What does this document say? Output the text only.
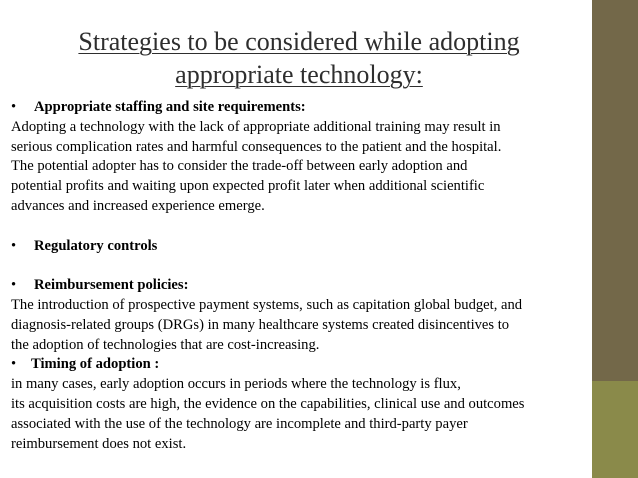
Strategies to be considered while adopting
appropriate technology:

•	Appropriate staffing and site requirements:

Adopting a technology with the lack of appropriate additional training may result in

serious complication rates and harmful consequences to the patient and the hospital.

The potential adopter has to consider the trade-off between early adoption and

potential profits and waiting upon expected profit later when additional scientific

advances and increased experience emerge.

•	Regulatory controls

•	Reimbursement policies:

The introduction of prospective payment systems, such as capitation global budget, and

diagnosis-related groups (DRGs) in many healthcare systems created disincentives to

the adoption of technologies that are cost-increasing.

•	Timing of adoption :

in many cases, early adoption occurs in periods where the technology is flux,

its acquisition costs are high, the evidence on the capabilities, clinical use and outcomes

associated with the use of the technology are incomplete and third-party payer

reimbursement does not exist.
